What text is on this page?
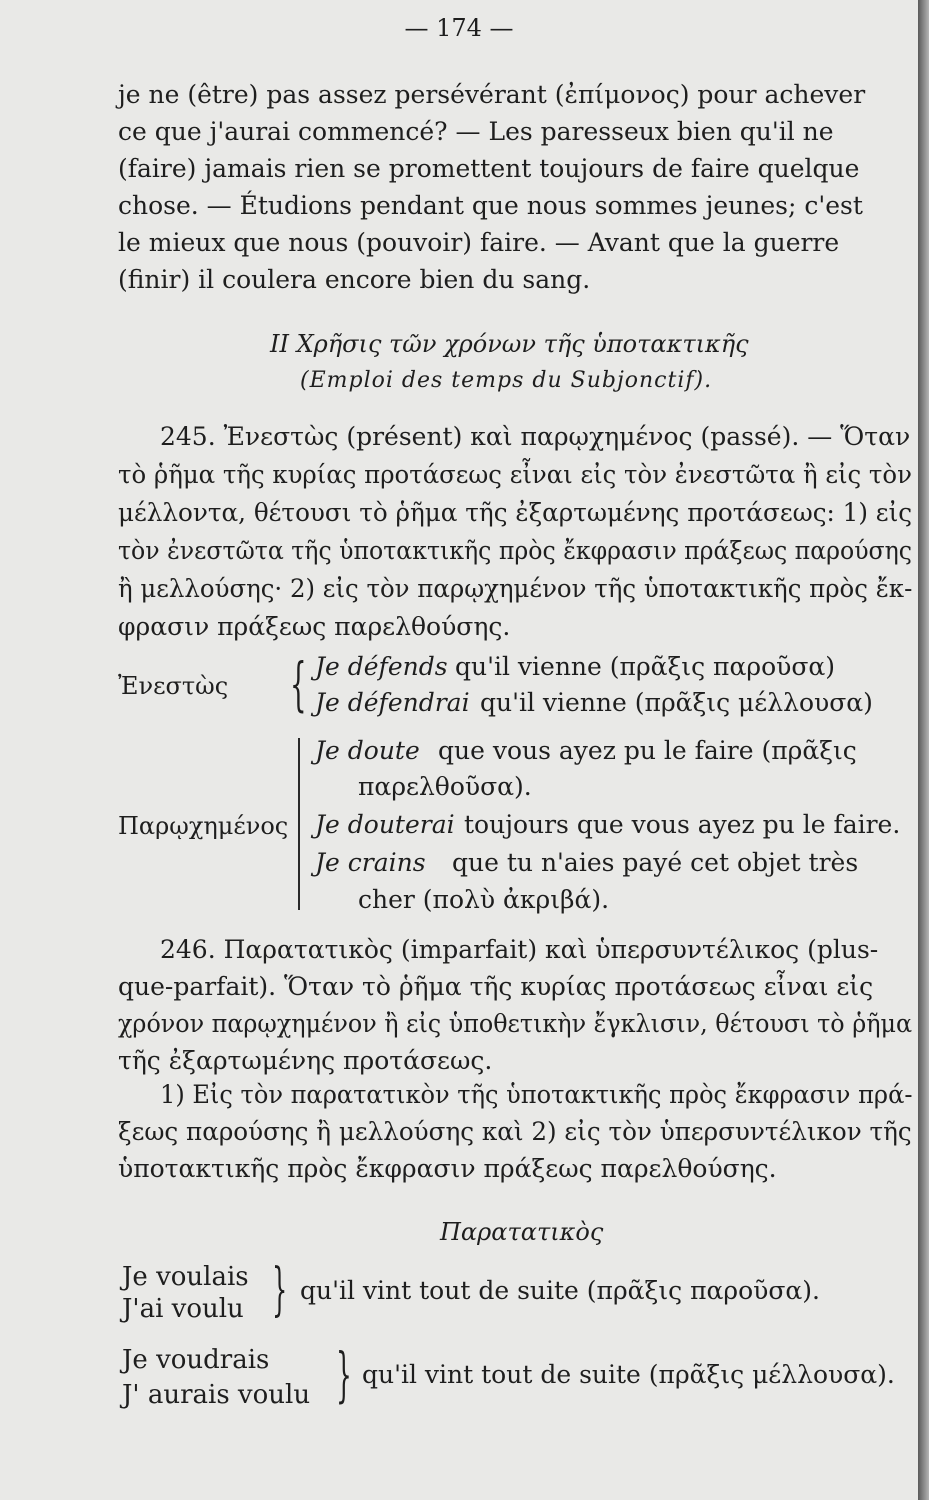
— 174 —
je ne (être) pas assez persévérant (ἐπίμονος) pour achever
ce que j'aurai commencé? — Les paresseux bien qu'il ne
(faire) jamais rien se promettent toujours de faire quelque
chose. — Étudions pendant que nous sommes jeunes; c'est
le mieux que nous (pouvoir) faire. — Avant que la guerre
(finir) il coulera encore bien du sang.
II Χρῆσις τῶν χρόνων τῆς ὑποτακτικῆς
(Emploi des temps du Subjonctif).
245. Ἐνεστὼς (présent) καὶ παρῳχημένος (passé). — Ὅταν
τὸ ῥῆμα τῆς κυρίας προτάσεως εἶναι εἰς τὸν ἐνεστῶτα ἢ εἰς τὸν
μέλλοντα, θέτουσι τὸ ῥῆμα τῆς ἐξαρτωμένης προτάσεως: 1) εἰς
τὸν ἐνεστῶτα τῆς ὑποτακτικῆς πρὸς ἔκφρασιν πράξεως παρούσης
ἢ μελλούσης· 2) εἰς τὸν παρῳχημένον τῆς ὑποτακτικῆς πρὸς ἔκ-
φρασιν πράξεως παρελθούσης.
Ἐνεστὼς { Je défends qu'il vienne (πρᾶξις παροῦσα)
Je défendrai qu'il vienne (πρᾶξις μέλλουσα)
Παρῳχημένος
Je doute que vous ayez pu le faire (πρᾶξις
παρελθοῦσα).
Je douterai toujours que vous ayez pu le faire.
Je crains que tu n'aies payé cet objet très
cher (πολὺ ἀκριβά).
246. Παρατατικὸς (imparfait) καὶ ὑπερσυντέλικος (plus-
que-parfait). Ὅταν τὸ ῥῆμα τῆς κυρίας προτάσεως εἶναι εἰς
χρόνον παρῳχημένον ἢ εἰς ὑποθετικὴν ἔγκλισιν, θέτουσι τὸ ῥῆμα
τῆς ἐξαρτωμένης προτάσεως.
1) Εἰς τὸν παρατατικὸν τῆς ὑποτακτικῆς πρὸς ἔκφρασιν πρά-
ξεως παρούσης ἢ μελλούσης καὶ 2) εἰς τὸν ὑπερσυντέλικον τῆς
ὑποτακτικῆς πρὸς ἔκφρασιν πράξεως παρελθούσης.
Παρατατικὸς
Je voulais
J'ai voulu } qu'il vint tout de suite (πρᾶξις παροῦσα).
Je voudrais
J' aurais voulu } qu'il vint tout de suite (πρᾶξις μέλλουσα).
